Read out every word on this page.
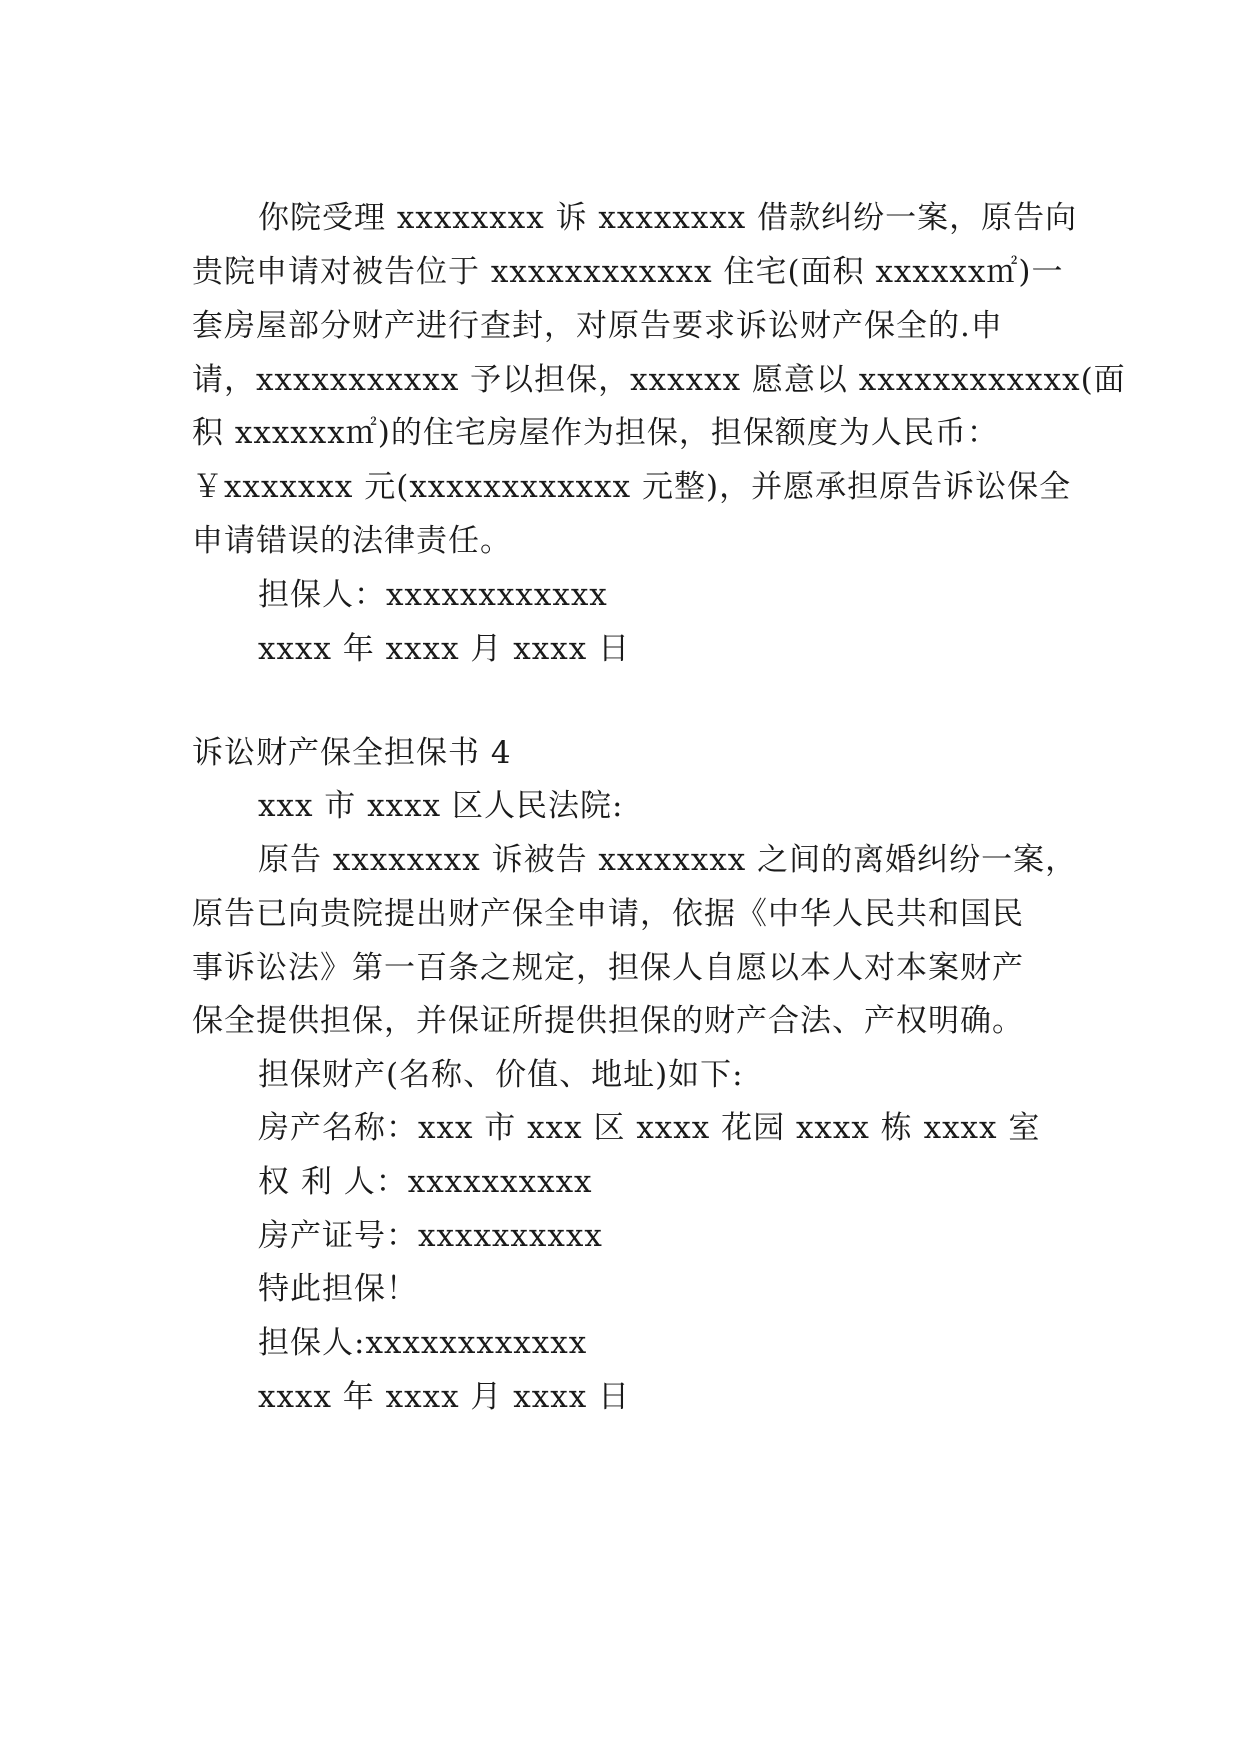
你院受理 xxxxxxxx 诉 xxxxxxxx 借款纠纷一案，原告向
贵院申请对被告位于 xxxxxxxxxxxx 住宅(面积 xxxxxx㎡)一
套房屋部分财产进行查封，对原告要求诉讼财产保全的.申
请，xxxxxxxxxxx 予以担保，xxxxxx 愿意以 xxxxxxxxxxxx(面
积 xxxxxx㎡)的住宅房屋作为担保，担保额度为人民币：
￥xxxxxxx 元(xxxxxxxxxxxx 元整)，并愿承担原告诉讼保全
申请错误的法律责任。
担保人：xxxxxxxxxxxx
xxxx 年 xxxx 月 xxxx 日
诉讼财产保全担保书 4
xxx 市 xxxx 区人民法院:
原告 xxxxxxxx 诉被告 xxxxxxxx 之间的离婚纠纷一案，
原告已向贵院提出财产保全申请，依据《中华人民共和国民
事诉讼法》第一百条之规定，担保人自愿以本人对本案财产
保全提供担保，并保证所提供担保的财产合法、产权明确。
担保财产(名称、价值、地址)如下:
房产名称：xxx 市 xxx 区 xxxx 花园 xxxx 栋 xxxx 室
权 利 人：xxxxxxxxxx
房产证号：xxxxxxxxxx
特此担保！
担保人:xxxxxxxxxxxx
xxxx 年 xxxx 月 xxxx 日
